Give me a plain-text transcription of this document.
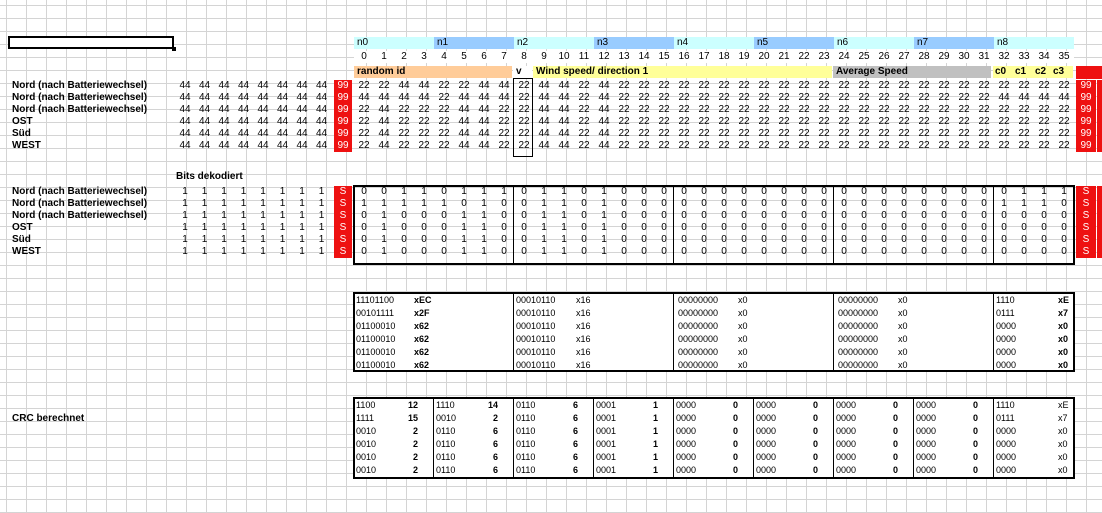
n0	n1	n2	n3	n4	n5	n6	n7	n8
0	1	2	3	4	5	6	7	8	9	10 11 12 13 14 15 16 17 18 19 20 21 22 23 24 25 26 27 28 29 30 31 32 33 34 35
random id	v	Wind speed/ direction 1	Average Speed	c0 c1 c2 c3
Nord (nach Batteriewechsel)	44 44 44 44 44 44 44 44	99 22 22 44 44 22 22 44 44 22 44 44 22 44 22 22 22 22 22 22 22 22 22 22 22 22 22 22 22 22 22 22 22 22 22 22 22	99
Nord (nach Batteriewechsel)	44 44 44 44 44 44 44 44	99 44 44 44 44 22 44 44 44 22 44 44 22 44 22 22 22 22 22 22 22 22 22 22 22 22 22 22 22 22 22 22 22 44 44 44 44	99
Nord (nach Batteriewechsel)	44 44 44 44 44 44 44 44	99 22 44 22 22 22 44 44 22 22 44 44 22 44 22 22 22 22 22 22 22 22 22 22 22 22 22 22 22 22 22 22 22 22 22 22 22	99
OST	44 44 44 44 44 44 44 44	99 22 44 22 22 22 44 44 22 22 44 44 22 44 22 22 22 22 22 22 22 22 22 22 22 22 22 22 22 22 22 22 22 22 22 22 22	99
Süd	44 44 44 44 44 44 44 44	99 22 44 22 22 22 44 44 22 22 44 44 22 44 22 22 22 22 22 22 22 22 22 22 22 22 22 22 22 22 22 22 22 22 22 22 22	99
WEST	44 44 44 44 44 44 44 44	99 22 44 22 22 22 44 44 22 22 44 44 22 44 22 22 22 22 22 22 22 22 22 22 22 22 22 22 22 22 22 22 22 22 22 22 22	99
Bits dekodiert
Nord (nach Batteriewechsel)	1	1	1	1	1	1	1	1	S	0	0	1	1	0	1	1	1	0	1	1	0	1	0	0	0	0	0	0	0	0	0	0	0	0	0	0	0	0	0	0	0	0	1	1	1	S
Nord (nach Batteriewechsel)	1	1	1	1	1	1	1	1	S	1	1	1	1	1	0	1	0	0	1	1	0	1	0	0	0	0	0	0	0	0	0	0	0	0	0	0	0	0	0	0	0	1	1	1	0	S
Nord (nach Batteriewechsel)	1	1	1	1	1	1	1	1	S	0	1	0	0	0	1	1	0	0	1	1	0	1	0	0	0	0	0	0	0	0	0	0	0	0	0	0	0	0	0	0	0	0	0	0	0	S
OST	1	1	1	1	1	1	1	1	S	0	1	0	0	0	1	1	0	0	1	1	0	1	0	0	0	0	0	0	0	0	0	0	0	0	0	0	0	0	0	0	0	0	0	0	0	S
Süd	1	1	1	1	1	1	1	1	S	0	1	0	0	0	1	1	0	0	1	1	0	1	0	0	0	0	0	0	0	0	0	0	0	0	0	0	0	0	0	0	0	0	0	0	0	S
WEST	1	1	1	1	1	1	1	1	S	0	1	0	0	0	1	1	0	0	1	1	0	1	0	0	0	0	0	0	0	0	0	0	0	0	0	0	0	0	0	0	0	0	0	0	0	S
11101100 xEC	00010110 x16	00000000 x0	00000000 x0	1110	xE
00101111 x2F	00010110 x16	00000000 x0	00000000 x0	0111	x7
01100010 x62	00010110 x16	00000000 x0	00000000 x0	0000	x0
01100010 x62	00010110 x16	00000000 x0	00000000 x0	0000	x0
01100010 x62	00010110 x16	00000000 x0	00000000 x0	0000	x0
01100010 x62	00010110 x16	00000000 x0	00000000 x0	0000	x0
CRC berechnet
1100	12 1110	14 0110	6 0001	1 0000	0 0000	0 0000	0 0000	0 1110	xE
1111	15 0010	2 0110	6 0001	1 0000	0 0000	0 0000	0 0000	0 0111	x7
0010	2 0110	6 0110	6 0001	1 0000	0 0000	0 0000	0 0000	0 0000	x0
0010	2 0110	6 0110	6 0001	1 0000	0 0000	0 0000	0 0000	0 0000	x0
0010	2 0110	6 0110	6 0001	1 0000	0 0000	0 0000	0 0000	0 0000	x0
0010	2 0110	6 0110	6 0001	1 0000	0 0000	0 0000	0 0000	0 0000	x0
